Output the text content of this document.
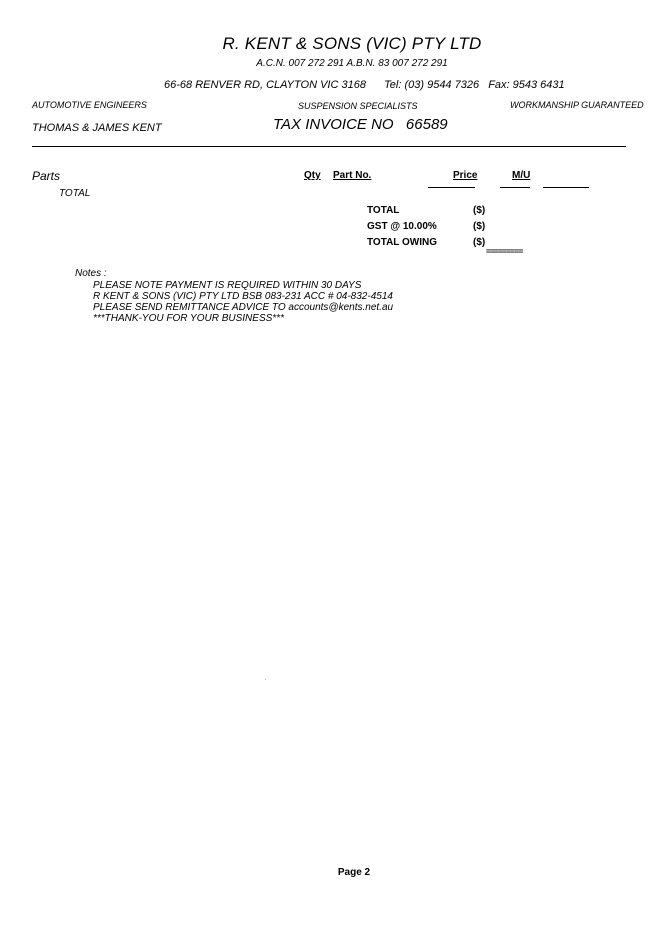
R. KENT & SONS (VIC) PTY LTD
A.C.N. 007 272 291 A.B.N. 83 007 272 291
66-68 RENVER RD, CLAYTON VIC 3168 Tel: (03) 9544 7326 Fax: 9543 6431
AUTOMOTIVE ENGINEERS	SUSPENSION SPECIALISTS	WORKMANSHIP GUARANTEED
THOMAS & JAMES KENT	TAX INVOICE NO 66589
Parts	Qty Part No.	Price	M/U
-
TOTAL
TOTAL	($)
GST @ 10.00%	($)
TOTAL OWING	($)
=========
Notes :
PLEASE NOTE PAYMENT IS REQUIRED WITHIN 30 DAYS
R KENT & SONS (VIC) PTY LTD BSB 083-231 ACC # 04-832-4514
PLEASE SEND REMITTANCE ADVICE TO accounts@kents.net.au
***THANK-YOU FOR YOUR BUSINESS***
Page 2
